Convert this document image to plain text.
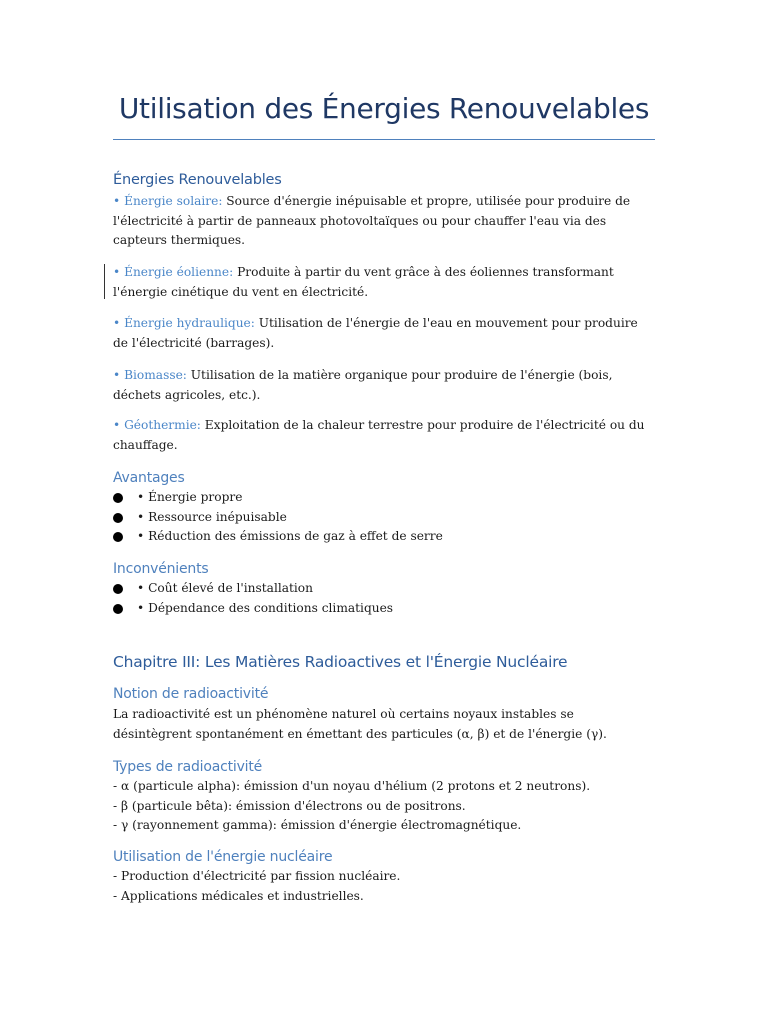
Utilisation des Énergies Renouvelables
Énergies Renouvelables
• Énergie solaire: Source d'énergie inépuisable et propre, utilisée pour produire de l'électricité à partir de panneaux photovoltaïques ou pour chauffer l'eau via des capteurs thermiques.
• Énergie éolienne: Produite à partir du vent grâce à des éoliennes transformant l'énergie cinétique du vent en électricité.
• Énergie hydraulique: Utilisation de l'énergie de l'eau en mouvement pour produire de l'électricité (barrages).
• Biomasse: Utilisation de la matière organique pour produire de l'énergie (bois, déchets agricoles, etc.).
• Géothermie: Exploitation de la chaleur terrestre pour produire de l'électricité ou du chauffage.
Avantages
• Énergie propre
• Ressource inépuisable
• Réduction des émissions de gaz à effet de serre
Inconvénients
• Coût élevé de l'installation
• Dépendance des conditions climatiques
Chapitre III: Les Matières Radioactives et l'Énergie Nucléaire
Notion de radioactivité
La radioactivité est un phénomène naturel où certains noyaux instables se désintègrent spontanément en émettant des particules (α, β) et de l'énergie (γ).
Types de radioactivité
- α (particule alpha): émission d'un noyau d'hélium (2 protons et 2 neutrons).
- β (particule bêta): émission d'électrons ou de positrons.
- γ (rayonnement gamma): émission d'énergie électromagnétique.
Utilisation de l'énergie nucléaire
- Production d'électricité par fission nucléaire.
- Applications médicales et industrielles.
